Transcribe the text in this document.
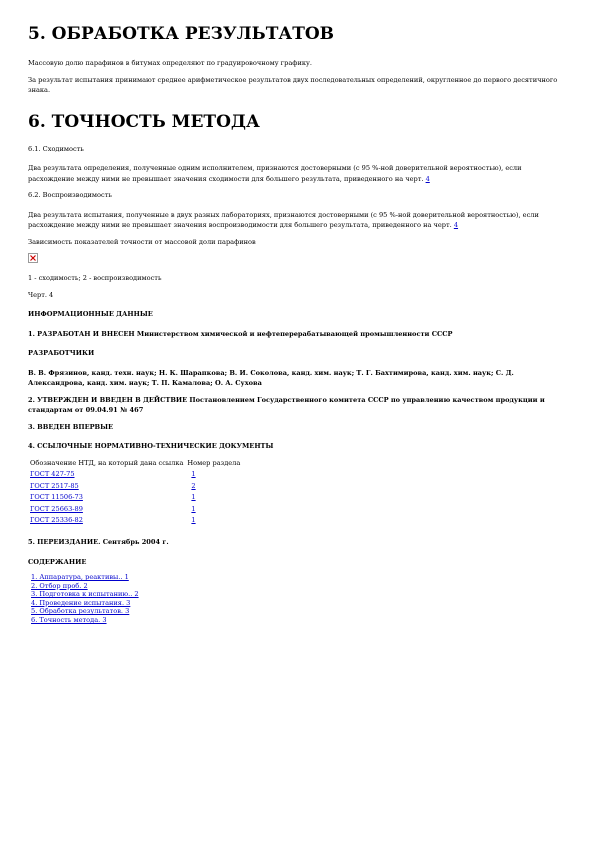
5. ОБРАБОТКА РЕЗУЛЬТАТОВ

Массовую долю парафинов в битумах определяют по градуировочному графику.

За результат испытания принимают среднее арифметическое результатов двух последовательных определений, округленное до первого десятичного знака.

6. ТОЧНОСТЬ МЕТОДА

6.1. Сходимость

Два результата определения, полученные одним исполнителем, признаются достоверными (с 95 %-ной доверительной вероятностью), если расхождение между ними не превышает значения сходимости для большего результата, приведенного на черт. 4

6.2. Воспроизводимость

Два результата испытания, полученные в двух разных лабораториях, признаются достоверными (с 95 %-ной доверительной вероятностью), если расхождение между ними не превышает значения воспроизводимости для большего результата, приведенного на черт. 4

Зависимость показателей точности от массовой доли парафинов

1 - сходимость; 2 - воспроизводимость

Черт. 4

ИНФОРМАЦИОННЫЕ ДАННЫЕ

1. РАЗРАБОТАН И ВНЕСЕН Министерством химической и нефтеперерабатывающей промышленности СССР

РАЗРАБОТЧИКИ

В. В. Фрязинов, канд. техн. наук; Н. К. Шарапкова; В. И. Соколова, канд. хим. наук; Т. Г. Бахтимирова, канд. хим. наук; С. Д. Александрова, канд. хим. наук; Т. П. Камалова; О. А. Сухова

2. УТВЕРЖДЕН И ВВЕДЕН В ДЕЙСТВИЕ Постановлением Государственного комитета СССР по управлению качеством продукции и стандартам от 09.04.91 № 467

3. ВВЕДЕН ВПЕРВЫЕ

4. ССЫЛОЧНЫЕ НОРМАТИВНО-ТЕХНИЧЕСКИЕ ДОКУМЕНТЫ

Обозначение НТД, на который дана ссылка	Номер раздела
ГОСТ 427-75	1
ГОСТ 2517-85	2
ГОСТ 11506-73	1
ГОСТ 25663-89	1
ГОСТ 25336-82	1

5. ПЕРЕИЗДАНИЕ. Сентябрь 2004 г.

СОДЕРЖАНИЕ

1. Аппаратура, реактивы.. 1
2. Отбор проб. 2
3. Подготовка к испытанию.. 2
4. Проведение испытания. 3
5. Обработка результатов. 3
6. Точность метода. 3
